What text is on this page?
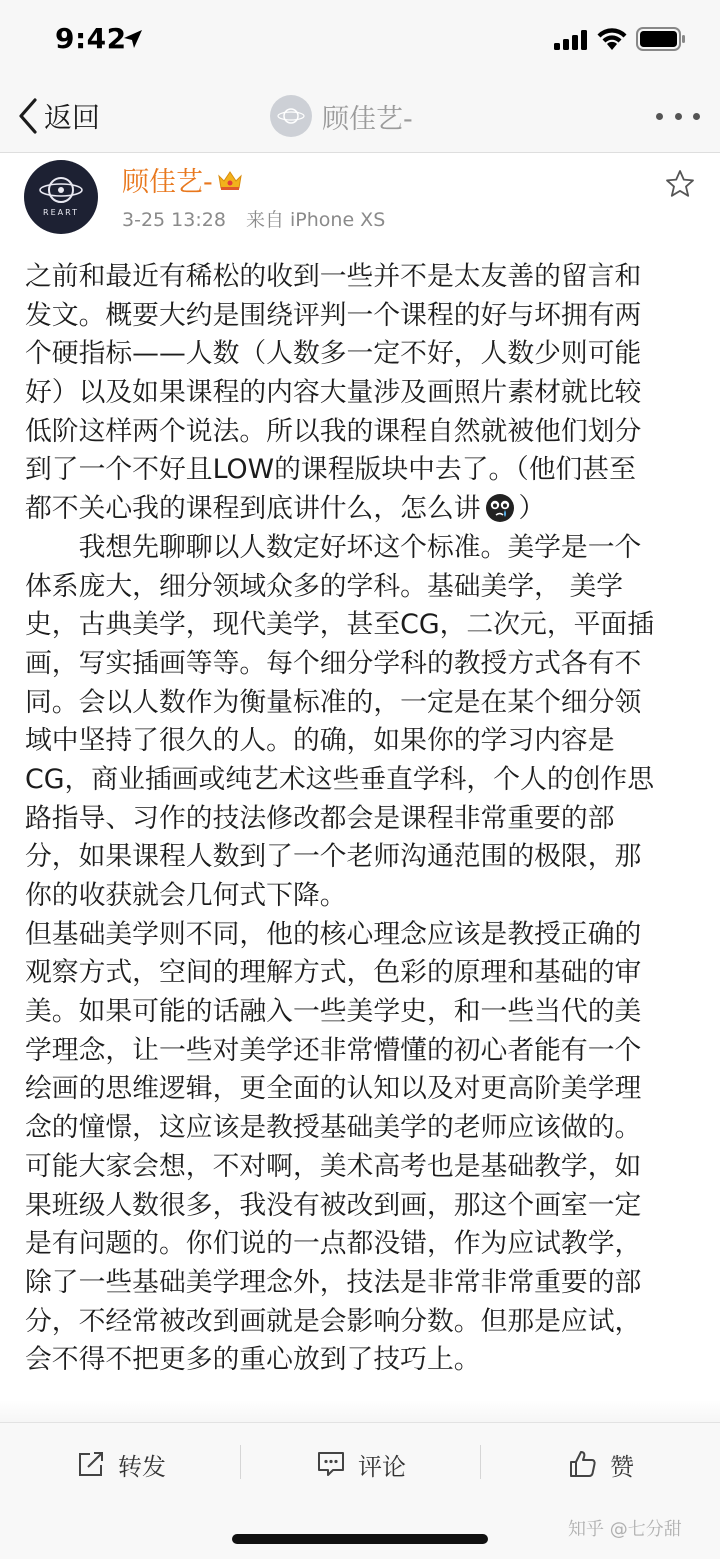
9:42
返回	顾佳艺-
REART
顾佳艺-
3-25 13:28 来自 iPhone XS
之前和最近有稀松的收到一些并不是太友善的留言和
发文。概要大约是围绕评判一个课程的好与坏拥有两
个硬指标——人数（人数多一定不好，人数少则可能
好）以及如果课程的内容大量涉及画照片素材就比较
低阶这样两个说法。所以我的课程自然就被他们划分
到了一个不好且LOW的课程版块中去了。（他们甚至
都不关心我的课程到底讲什么，怎么讲 ）
　　我想先聊聊以人数定好坏这个标准。美学是一个
体系庞大，细分领域众多的学科。基础美学， 美学
史，古典美学，现代美学，甚至CG，二次元，平面插
画，写实插画等等。每个细分学科的教授方式各有不
同。会以人数作为衡量标准的，一定是在某个细分领
域中坚持了很久的人。的确，如果你的学习内容是
CG，商业插画或纯艺术这些垂直学科，个人的创作思
路指导、习作的技法修改都会是课程非常重要的部
分，如果课程人数到了一个老师沟通范围的极限，那
你的收获就会几何式下降。
但基础美学则不同，他的核心理念应该是教授正确的
观察方式，空间的理解方式，色彩的原理和基础的审
美。如果可能的话融入一些美学史，和一些当代的美
学理念，让一些对美学还非常懵懂的初心者能有一个
绘画的思维逻辑，更全面的认知以及对更高阶美学理
念的憧憬，这应该是教授基础美学的老师应该做的。
可能大家会想，不对啊，美术高考也是基础教学，如
果班级人数很多，我没有被改到画，那这个画室一定
是有问题的。你们说的一点都没错，作为应试教学，
除了一些基础美学理念外，技法是非常非常重要的部
分，不经常被改到画就是会影响分数。但那是应试，
会不得不把更多的重心放到了技巧上。
转发	评论	赞
知乎 @七分甜
